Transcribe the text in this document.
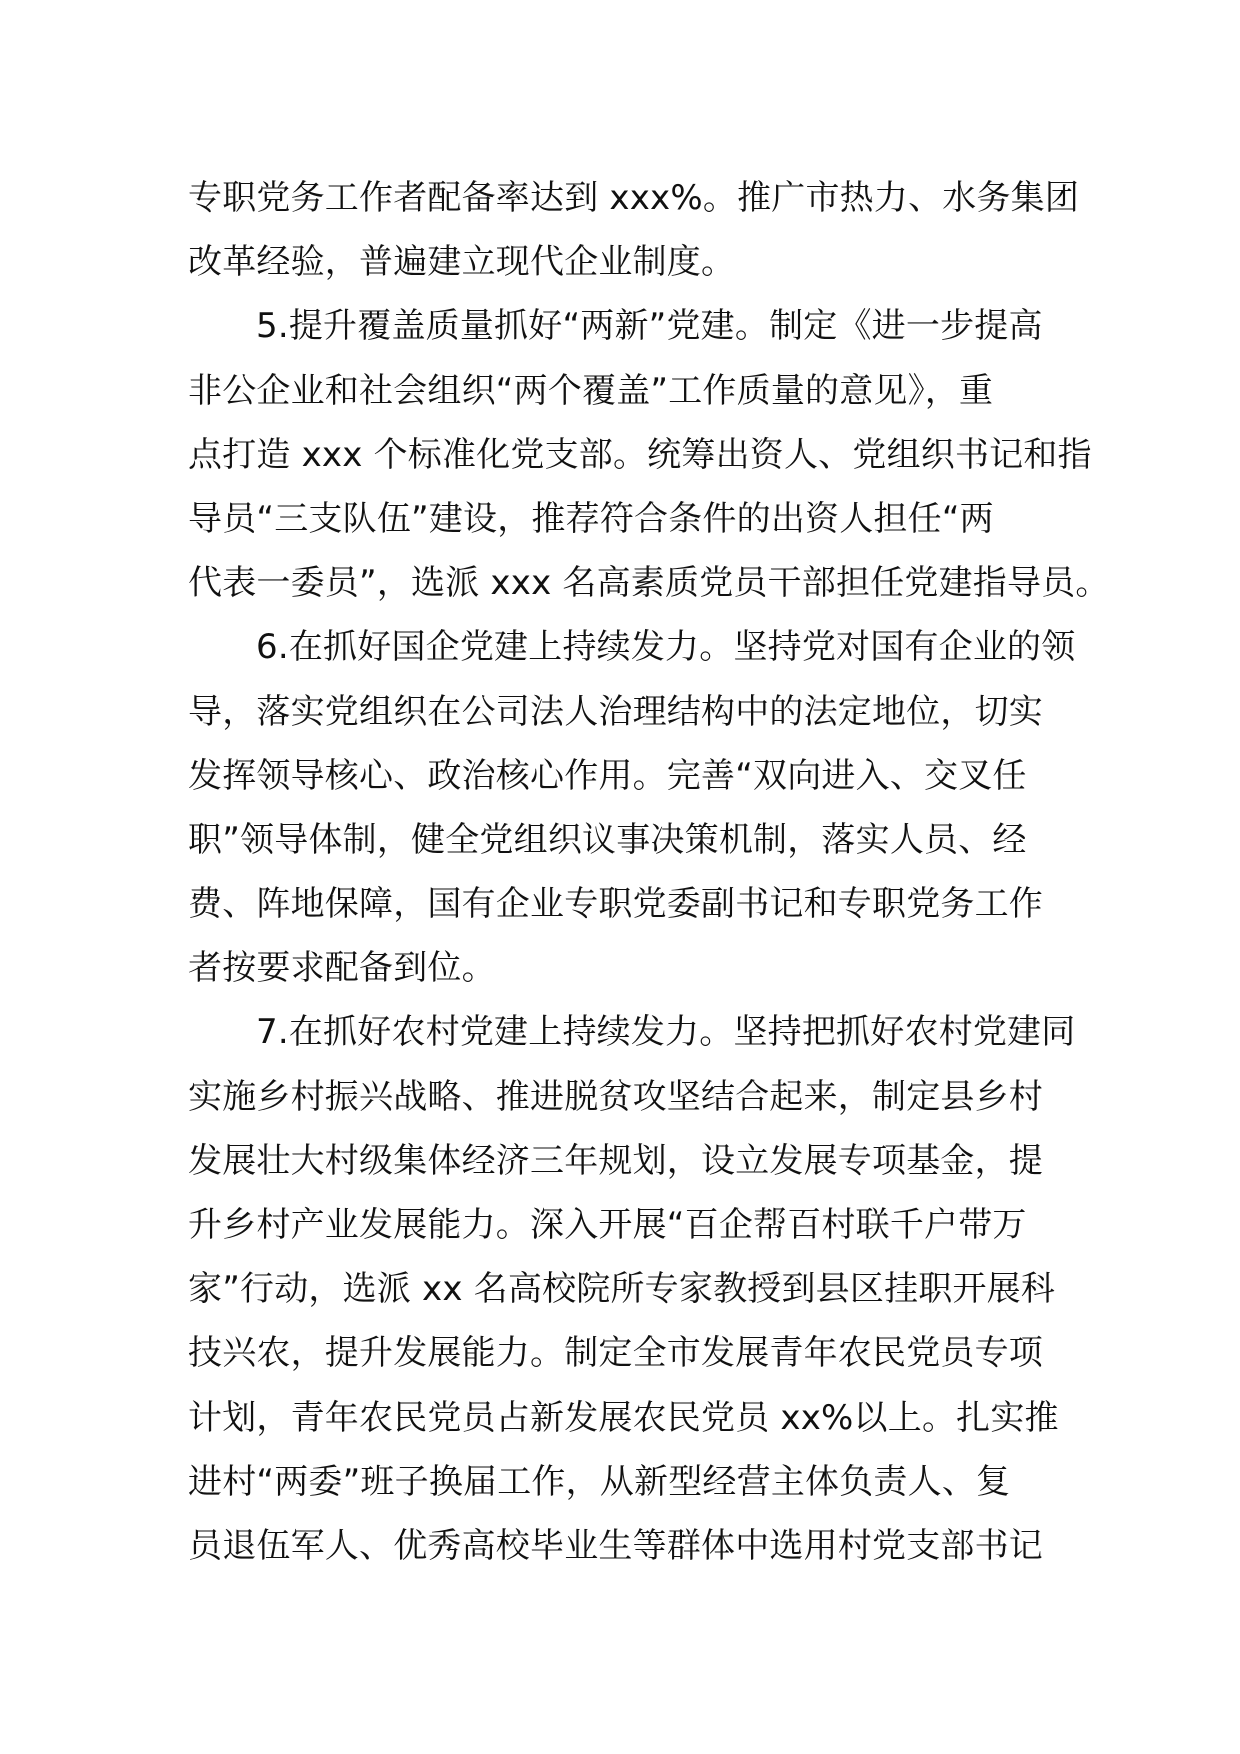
专职党务工作者配备率达到 xxx%。推广市热力、水务集团
改革经验，普遍建立现代企业制度。
5.提升覆盖质量抓好“两新”党建。制定《进一步提高
非公企业和社会组织“两个覆盖”工作质量的意见》，重
点打造 xxx 个标准化党支部。统筹出资人、党组织书记和指
导员“三支队伍”建设，推荐符合条件的出资人担任“两
代表一委员”，选派 xxx 名高素质党员干部担任党建指导员。
6.在抓好国企党建上持续发力。坚持党对国有企业的领
导，落实党组织在公司法人治理结构中的法定地位，切实
发挥领导核心、政治核心作用。完善“双向进入、交叉任
职”领导体制，健全党组织议事决策机制，落实人员、经
费、阵地保障，国有企业专职党委副书记和专职党务工作
者按要求配备到位。
7.在抓好农村党建上持续发力。坚持把抓好农村党建同
实施乡村振兴战略、推进脱贫攻坚结合起来，制定县乡村
发展壮大村级集体经济三年规划，设立发展专项基金，提
升乡村产业发展能力。深入开展“百企帮百村联千户带万
家”行动，选派 xx 名高校院所专家教授到县区挂职开展科
技兴农，提升发展能力。制定全市发展青年农民党员专项
计划，青年农民党员占新发展农民党员 xx%以上。扎实推
进村“两委”班子换届工作，从新型经营主体负责人、复
员退伍军人、优秀高校毕业生等群体中选用村党支部书记
